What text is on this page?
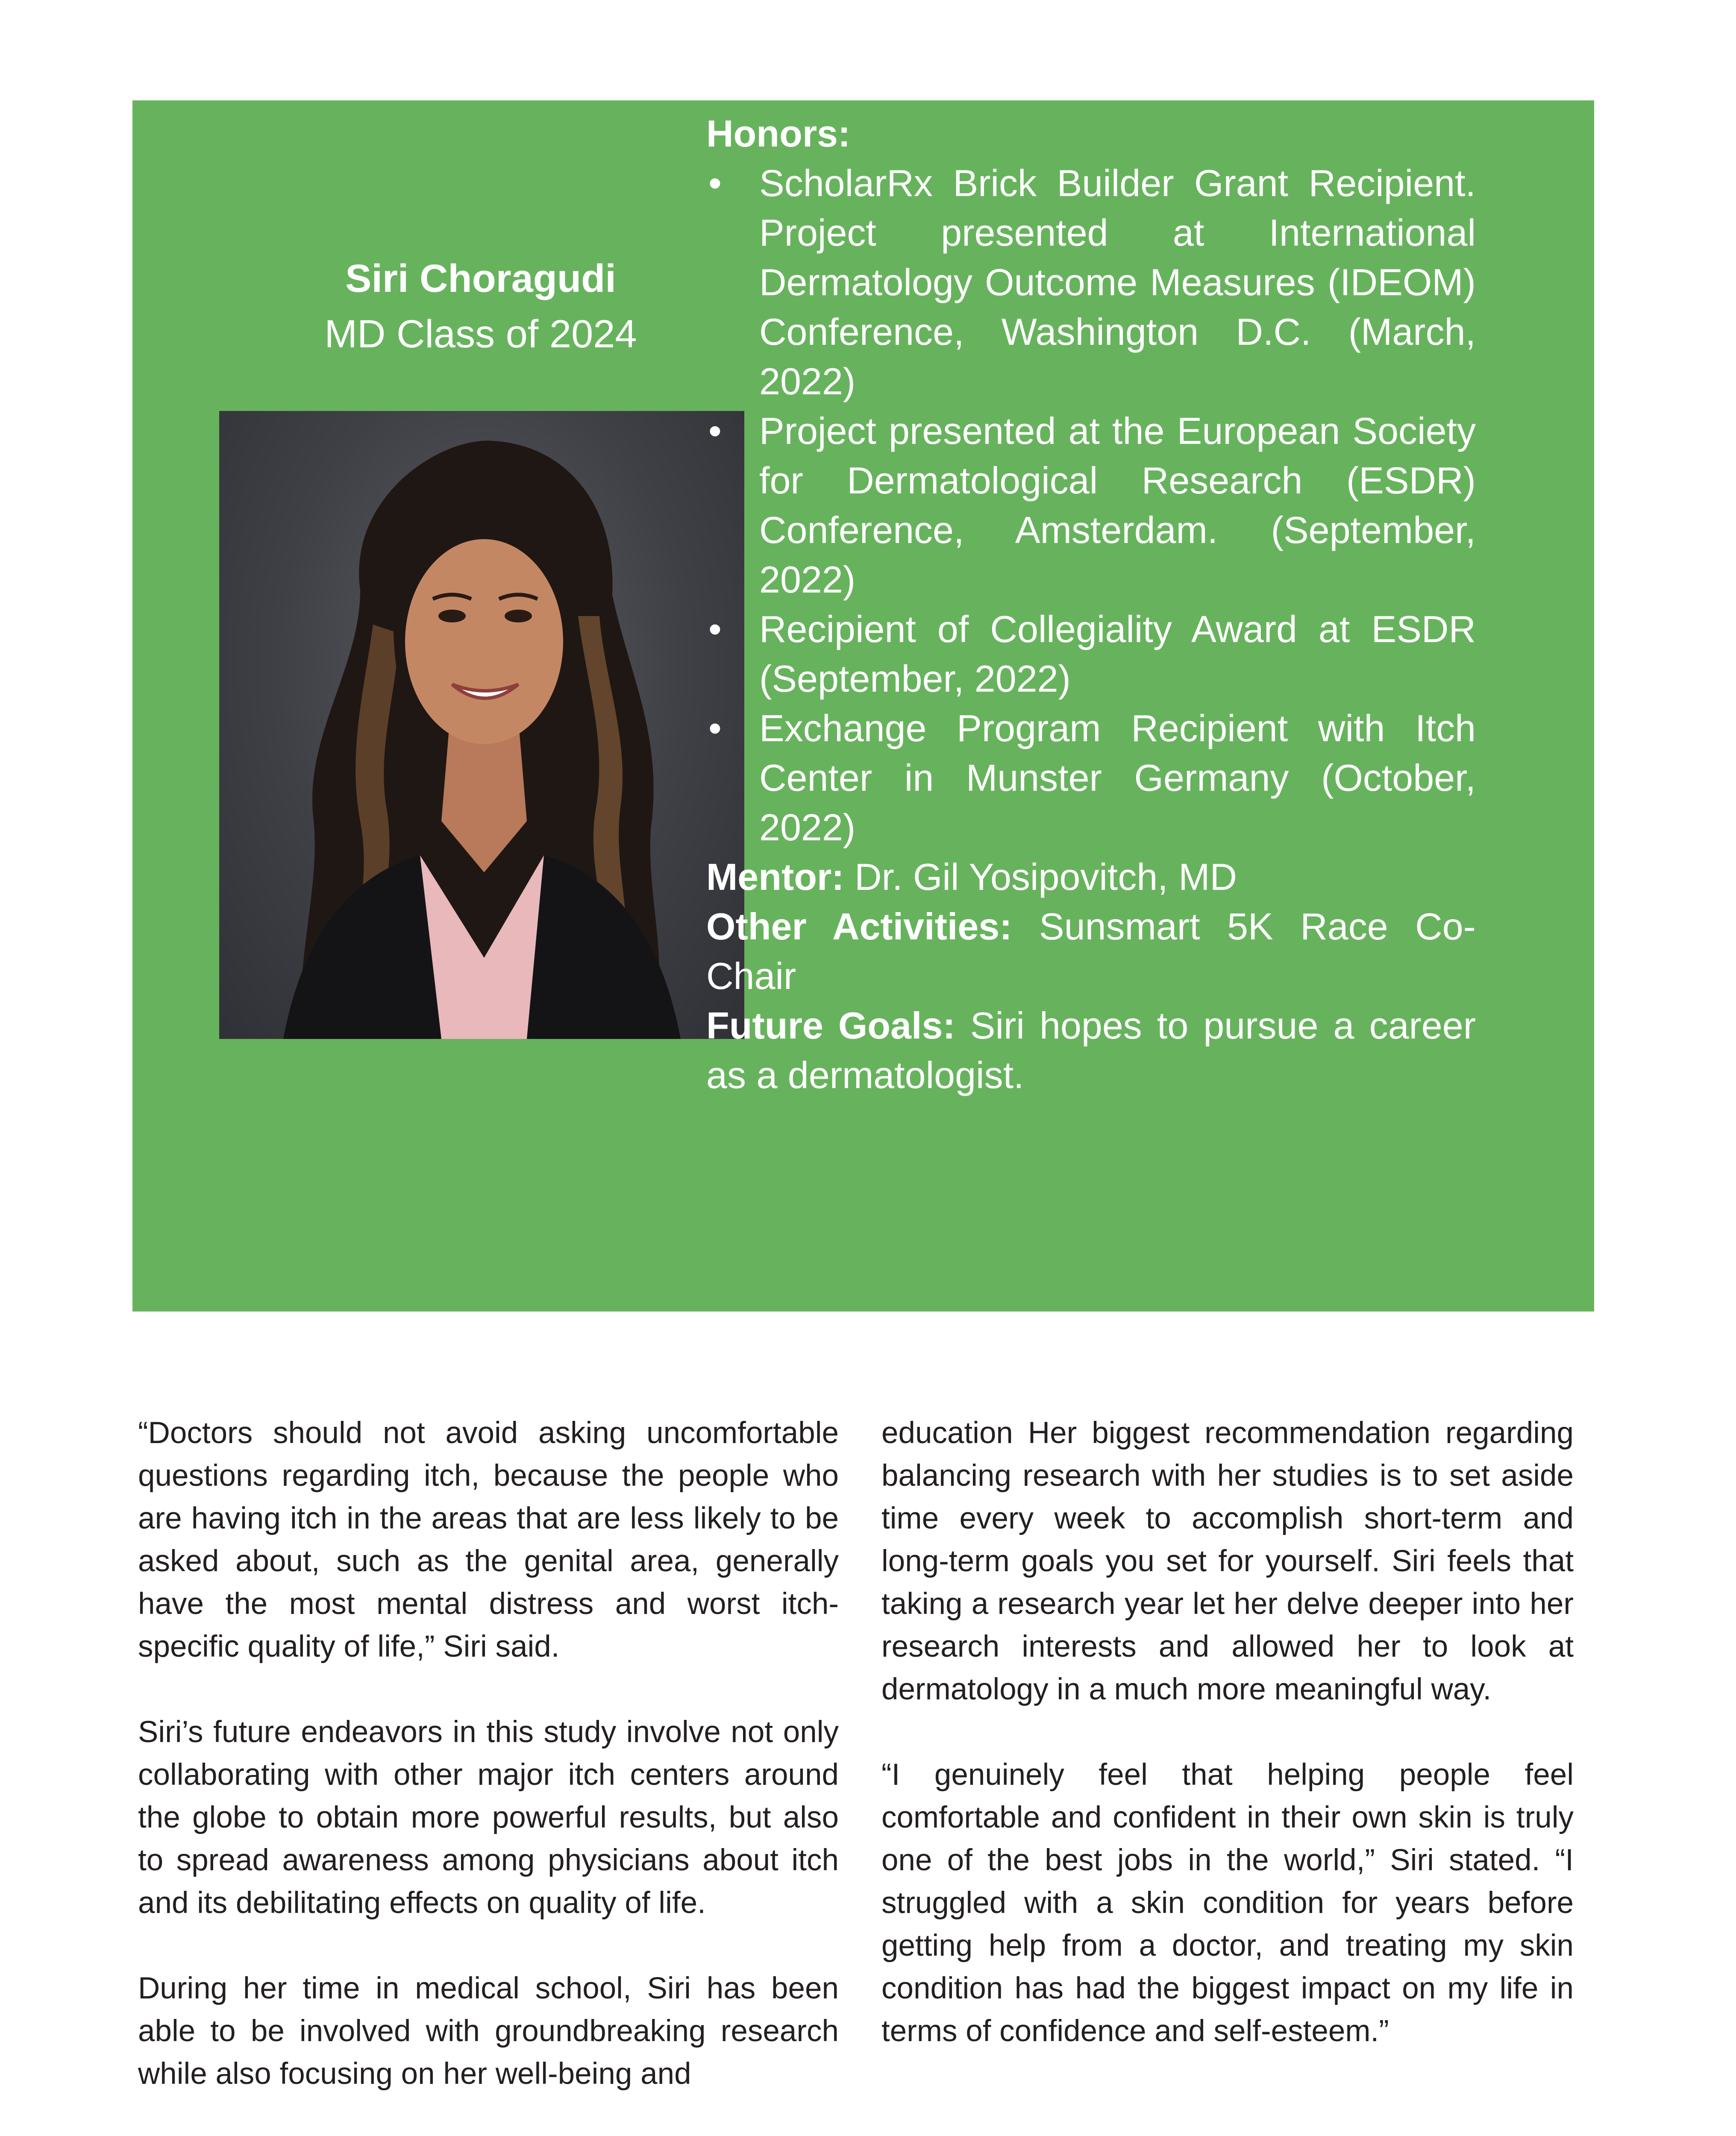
Siri Choragudi
MD Class of 2024
Honors:
• ScholarRx Brick Builder Grant Recipient. Project presented at International Dermatology Outcome Measures (IDEOM) Conference, Washington D.C. (March, 2022)
• Project presented at the European Society for Dermatological Research (ESDR) Conference, Amsterdam. (September, 2022)
• Recipient of Collegiality Award at ESDR (September, 2022)
• Exchange Program Recipient with Itch Center in Munster Germany (October, 2022)

Mentor: Dr. Gil Yosipovitch, MD

Other Activities: Sunsmart 5K Race Co-Chair

Future Goals: Siri hopes to pursue a career as a dermatologist.

“Doctors should not avoid asking uncomfortable questions regarding itch, because the people who are having itch in the areas that are less likely to be asked about, such as the genital area, generally have the most mental distress and worst itch-specific quality of life,” Siri said.

Siri’s future endeavors in this study involve not only collaborating with other major itch centers around the globe to obtain more powerful results, but also to spread awareness among physicians about itch and its debilitating effects on quality of life.

During her time in medical school, Siri has been able to be involved with groundbreaking research while also focusing on her well-being and

education Her biggest recommendation regarding balancing research with her studies is to set aside time every week to accomplish short-term and long-term goals you set for yourself. Siri feels that taking a research year let her delve deeper into her research interests and allowed her to look at dermatology in a much more meaningful way.

“I genuinely feel that helping people feel comfortable and confident in their own skin is truly one of the best jobs in the world,” Siri stated. “I struggled with a skin condition for years before getting help from a doctor, and treating my skin condition has had the biggest impact on my life in terms of confidence and self-esteem.”
